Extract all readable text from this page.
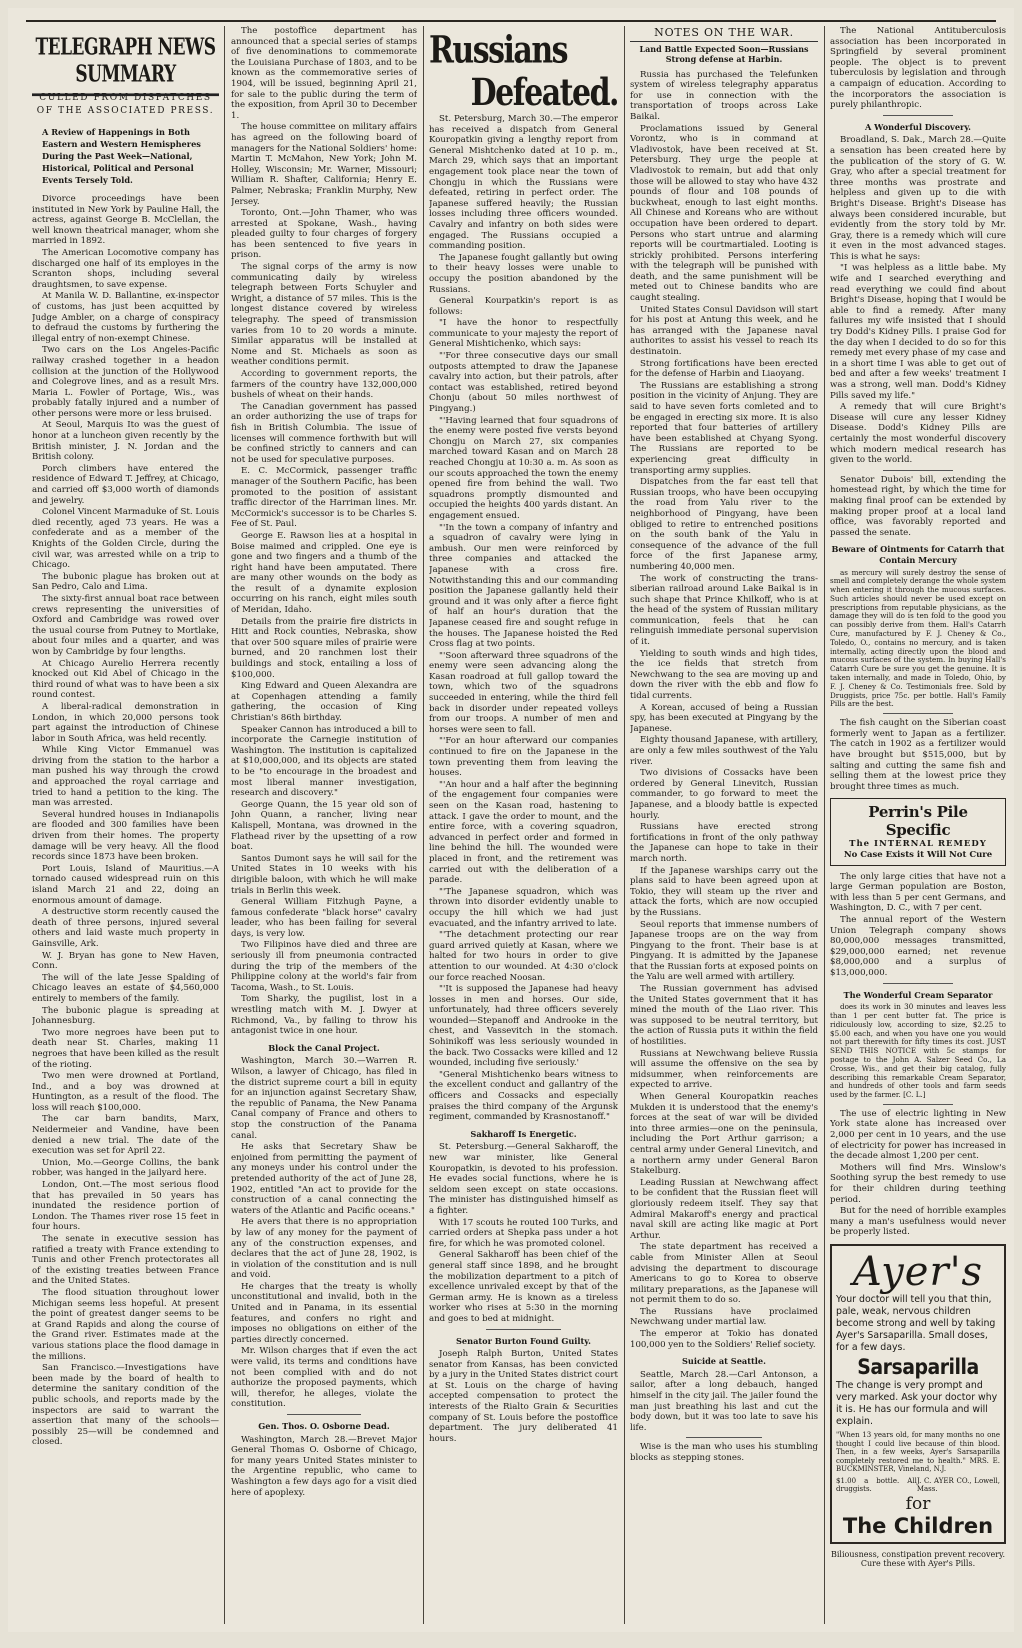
TELEGRAPH NEWS SUMMARY
CULLED FROM DISPATCHES OF THE ASSOCIATED PRESS.

A Review of Happenings in Both Eastern and Western Hemispheres During the Past Week—National, Historical, Political and Personal Events Tersely Told.

Divorce proceedings have been instituted in New York by Pauline Hall, the actress, against George B. McClellan, the well known theatrical manager, whom she married in 1892.

The American Locomotive company has discharged one half of its employes in the Scranton shops, including several draughtsmen, to save expense.

At Manila W. D. Ballantine, ex-inspector of customs, has just been acquitted by Judge Ambler, on a charge of conspiracy to defraud the customs by furthering the illegal entry of non-exempt Chinese.

Two cars on the Los Angeles-Pacific railway crashed together in a headon collision at the junction of the Hollywood and Colegrove lines, and as a result Mrs. Maria L. Fowler of Portage, Wis., was probably fatally injured and a number of other persons were more or less bruised.

At Seoul, Marquis Ito was the guest of honor at a luncheon given recently by the British minister, J. N. Jordan and the British colony.

Porch climbers have entered the residence of Edward T. Jeffrey, at Chicago, and carried off $3,000 worth of diamonds and jewelry.

Colonel Vincent Marmaduke of St. Louis died recently, aged 73 years. He was a confederate and as a member of the Knights of the Golden Circle, during the civil war, was arrested while on a trip to Chicago.

The bubonic plague has broken out at San Pedro, Calo and Lima.

The sixty-first annual boat race between crews representing the universities of Oxford and Cambridge was rowed over the usual course from Putney to Mortlake, about four miles and a quarter, and was won by Cambridge by four lengths.

At Chicago Aurelio Herrera recently knocked out Kid Abel of Chicago in the third round of what was to have been a six round contest.

A liberal-radical demonstration in London, in which 20,000 persons took part against the introduction of Chinese labor in South Africa, was held recently.

While King Victor Emmanuel was driving from the station to the harbor a man pushed his way through the crowd and approached the royal carriage and tried to hand a petition to the king. The man was arrested.

Several hundred houses in Indianapolis are flooded and 300 families have been driven from their homes. The property damage will be very heavy. All the flood records since 1873 have been broken.

Port Louis, Island of Mauritius.—A tornado caused widespread ruin on this island March 21 and 22, doing an enormous amount of damage.

A destructive storm recently caused the death of three persons, injured several others and laid waste much property in Gainsville, Ark.

W. J. Bryan has gone to New Haven, Conn.

The will of the late Jesse Spalding of Chicago leaves an estate of $4,560,000 entirely to members of the family.

The bubonic plague is spreading at Johannesburg.

Two more negroes have been put to death near St. Charles, making 11 negroes that have been killed as the result of the rioting.

Two men were drowned at Portland, Ind., and a boy was drowned at Huntington, as a result of the flood. The loss will reach $100,000.

The car barn bandits, Marx, Neidermeier and Vandine, have been denied a new trial. The date of the execution was set for April 22.

Union, Mo.—George Collins, the bank robber, was hanged in the jailyard here.

London, Ont.—The most serious flood that has prevailed in 50 years has inundated the residence portion of London. The Thames river rose 15 feet in four hours.

The senate in executive session has ratified a treaty with France extending to Tunis and other French protectorates all of the existing treaties between France and the United States.

The flood situation throughout lower Michigan seems less hopeful. At present the point of greatest danger seems to be at Grand Rapids and along the course of the Grand river. Estimates made at the various stations place the flood damage in the millions.

San Francisco.—Investigations have been made by the board of health to determine the sanitary condition of the public schools, and reports made by the inspectors are said to warrant the assertion that many of the schools—possibly 25—will be condemned and closed.

The postoffice department has announced that a special series of stamps of five denominations to commemorate the Louisiana Purchase of 1803, and to be known as the commemorative series of 1904, will be issued, beginning April 21, for sale to the public during the term of the exposition, from April 30 to December 1.

The house committee on military affairs has agreed on the following board of managers for the National Soldiers' home: Martin T. McMahon, New York; John M. Holley, Wisconsin; Mr. Warner, Missouri; William R. Shafter, California; Henry E. Palmer, Nebraska; Franklin Murphy, New Jersey.

Toronto, Ont.—John Thamer, who was arrested at Spokane, Wash., having pleaded guilty to four charges of forgery has been sentenced to five years in prison.

The signal corps of the army is now communicating daily by wireless telegraph between Forts Schuyler and Wright, a distance of 57 miles. This is the longest distance covered by wireless telegraphy. The speed of transmission varies from 10 to 20 words a minute. Similar apparatus will be installed at Nome and St. Michaels as soon as weather conditions permit.

According to government reports, the farmers of the country have 132,000,000 bushels of wheat on their hands.

The Canadian government has passed an order authorizing the use of traps for fish in British Columbia. The issue of licenses will commence forthwith but will be confined strictly to canners and can not be used for speculative purposes.

E. C. McCormick, passenger traffic manager of the Southern Pacific, has been promoted to the position of assistant traffic director of the Harriman lines. Mr. McCormick's successor is to be Charles S. Fee of St. Paul.

George E. Rawson lies at a hospital in Boise maimed and crippled. One eye is gone and two fingers and a thumb of the right hand have been amputated. There are many other wounds on the body as the result of a dynamite explosion occurring on his ranch, eight miles south of Meridan, Idaho.

Details from the prairie fire districts in Hitt and Rock counties, Nebraska, show that over 500 square miles of prairie were burned, and 20 ranchmen lost their buildings and stock, entailing a loss of $100,000.

King Edward and Queen Alexandra are at Copenhagen attending a family gathering, the occasion of King Christian's 86th birthday.

Speaker Cannon has introduced a bill to incorporate the Carnegie institution of Washington. The institution is capitalized at $10,000,000, and its objects are stated to be "to encourage in the broadest and most liberal manner investigation, research and discovery."

George Quann, the 15 year old son of John Quann, a rancher, living near Kalispell, Montana, was drowned in the Flathead river by the upsetting of a row boat.

Santos Dumont says he will sail for the United States in 10 weeks with his dirigible baloon, with which he will make trials in Berlin this week.

General William Fitzhugh Payne, a famous confederate "black horse" cavalry leader, who has been failing for several days, is very low.

Two Filipinos have died and three are seriously ill from pneumonia contracted during the trip of the members of the Philippine colony at the world's fair from Tacoma, Wash., to St. Louis.

Tom Sharky, the pugilist, lost in a wrestling match with M. J. Dwyer at Richmond, Va., by failing to throw his antagonist twice in one hour.

Block the Canal Project.

Washington, March 30.—Warren R. Wilson, a lawyer of Chicago, has filed in the district supreme court a bill in equity for an injunction against Secretary Shaw, the republic of Panama, the New Panama Canal company of France and others to stop the construction of the Panama canal.

He asks that Secretary Shaw be enjoined from permitting the payment of any moneys under his control under the pretended authority of the act of June 28, 1902, entitled "An act to provide for the construction of a canal connecting the waters of the Atlantic and Pacific oceans."

He avers that there is no appropriation by law of any money for the payment of any of the construction expenses, and declares that the act of June 28, 1902, is in violation of the constitution and is null and void.

He charges that the treaty is wholly unconstitutional and invalid, both in the United and in Panama, in its essential features, and confers no right and imposes no obligations on either of the parties directly concerned.

Mr. Wilson charges that if even the act were valid, its terms and conditions have not been complied with and do not authorize the proposed payments, which will, therefor, he alleges, violate the constitution.

Gen. Thos. O. Osborne Dead.

Washington, March 28.—Brevet Major General Thomas O. Osborne of Chicago, for many years United States minister to the Argentine republic, who came to Washington a few days ago for a visit died here of apoplexy.

Russians
Defeated.

St. Petersburg, March 30.—The emperor has received a dispatch from General Kouropatkin giving a lengthy report from General Mishtchenko dated at 10 p. m., March 29, which says that an important engagement took place near the town of Chongju in which the Russians were defeated, retiring in perfect order. The Japanese suffered heavily; the Russian losses including three officers wounded. Cavalry and infantry on both sides were engaged. The Russians occupied a commanding position.

The Japanese fought gallantly but owing to their heavy losses were unable to occupy the position abandoned by the Russians.

General Kourpatkin's report is as follows:

"I have the honor to respectfully communicate to your majesty the report of General Mishtichenko, which says:

"'For three consecutive days our small outposts attempted to draw the Japanese cavalry into action, but their patrols, after contact was established, retired beyond Chonju (about 50 miles northwest of Pingyang.)

"'Having learned that four squadrons of the enemy were posted five versts beyond Chongju on March 27, six companies marched toward Kasan and on March 28 reached Chongju at 10:30 a. m. As soon as our scouts approached the town the enemy opened fire from behind the wall. Two squadrons promptly dismounted and occupied the heights 400 yards distant. An engagement ensued.

"'In the town a company of infantry and a squadron of cavalry were lying in ambush. Our men were reinforced by three companies and attacked the Japanese with a cross fire. Notwithstanding this and our commanding position the Japanese gallantly held their ground and it was only after a fierce fight of half an hour's duration that the Japanese ceased fire and sought refuge in the houses. The Japanese hoisted the Red Cross flag at two points.

"'Soon afterward three squadrons of the enemy were seen advancing along the Kasan roadroad at full gallop toward the town, which two of the squadrons succeeded in entering, while the third fell back in disorder under repeated volleys from our troops. A number of men and horses were seen to fall.

"'For an hour afterward our companies continued to fire on the Japanese in the town preventing them from leaving the houses.

"'An hour and a half after the beginning of the engagement four companies were seen on the Kasan road, hastening to attack. I gave the order to mount, and the entire force, with a covering squadron, advanced in perfect order and formed in line behind the hill. The wounded were placed in front, and the retirement was carried out with the deliberation of a parade.

"'The Japanese squadron, which was thrown into disorder evidently unable to occupy the hill which we had just evacuated, and the infantry arrived to late.

"'The detachment protecting our rear guard arrived quietly at Kasan, where we halted for two hours in order to give attention to our wounded. At 4:30 o'clock our force reached Noosan.

"'It is supposed the Japanese had heavy losses in men and horses. Our side, unfortunately, had three officers severely wounded—Stepanoff and Androoke in the chest, and Vassevitch in the stomach. Sohinikoff was less seriously wounded in the back. Two Cossacks were killed and 12 wounded, including five seriously.'

"General Mishtichenko bears witness to the excellent conduct and gallantry of the officers and Cossacks and especially praises the third company of the Argunsk regiment, commanded by Krasnostanoff."

Sakharoff Is Energetic.

St. Petersburg.—General Sakharoff, the new war minister, like General Kouropatkin, is devoted to his profession. He evades social functions, where he is seldom seen except on state occasions. The minister has distinguished himself as a fighter.

With 17 scouts he routed 100 Turks, and carried orders at Shepka pass under a hot fire, for which he was promoted colonel.

General Sakharoff has been chief of the general staff since 1898, and he brought the mobilization department to a pitch of excellence unrivaled except by that of the German army. He is known as a tireless worker who rises at 5:30 in the morning and goes to bed at midnight.

Senator Burton Found Guilty.

Joseph Ralph Burton, United States senator from Kansas, has been convicted by a jury in the United States district court at St. Louis on the charge of having accepted compensation to protect the interests of the Rialto Grain & Securities company of St. Louis before the postoffice department. The jury deliberated 41 hours.

NOTES ON THE WAR.

Land Battle Expected Soon—Russians Strong defense at Harbin.

Russia has purchased the Telefunken system of wireless telegraphy apparatus for use in connection with the transportation of troops across Lake Baikal.

Proclamations issued by General Vorontz, who is in command at Vladivostok, have been received at St. Petersburg. They urge the people at Vladivostok to remain, but add that only those will be allowed to stay who have 432 pounds of flour and 108 pounds of buckwheat, enough to last eight months. All Chinese and Koreans who are without occupation have been ordered to depart. Persons who start untrue and alarming reports will be courtmartialed. Looting is strickly prohibited. Persons interfering with the telegraph will be punished with death, and the same punishment will be meted out to Chinese bandits who are caught stealing.

United States Consul Davidson will start for his post at Antung this week, and he has arranged with the Japanese naval authorites to assist his vessel to reach its destinatoin.

Strong fortifications have been erected for the defense of Harbin and Liaoyang.

The Russians are establishing a strong position in the vicinity of Anjung. They are said to have seven forts comleted and to be engaged in erecting six more. It is also reported that four batteries of artillery have been established at Chyang Syong. The Russians are reported to be experiencing great difficulty in transporting army supplies.

Dispatches from the far east tell that Russian troops, who have been occupying the road from Yalu river to the neighborhood of Pingyang, have been obliged to retire to entrenched positions on the south bank of the Yalu in consequence of the advance of the full force of the first Japanese army, numbering 40,000 men.

The work of constructing the trans-siberian railroad around Lake Baikal is in such shape that Prince Khilkoff, who is at the head of the system of Russian military communication, feels that he can relinguish immediate personal supervision of it.

Yielding to south winds and high tides, the ice fields that stretch from Newchwang to the sea are moving up and down the river with the ebb and flow fo tidal currents.

A Korean, accused of being a Russian spy, has been executed at Pingyang by the Japanese.

Eighty thousand Japanese, with artillery, are only a few miles southwest of the Yalu river.

Two divisions of Cossacks have been ordered by General Linevitch, Russian commander, to go forward to meet the Japanese, and a bloody battle is expected hourly.

Russians have erected strong fortifications in front of the only pathway the Japanese can hope to take in their march north.

If the Japanese warships carry out the plans said to have been agreed upon at Tokio, they will steam up the river and attack the forts, which are now occupied by the Russians.

Seoul reports that immense numbers of Japanese troops are on the way from Pingyang to the front. Their base is at Pingyang. It is admitted by the Japanese that the Russian forts at exposed points on the Yalu are well armed with artillery.

The Russian government has advised the United States government that it has mined the mouth of the Liao river. This was supposed to be neutral territory, but the action of Russia puts it within the field of hostilities.

Russians at Newchwang believe Russia will assume the offensive on the sea by midsummer, when reinforcements are expected to arrive.

When General Kouropatkin reaches Mukden it is understood that the enemy's forces at the seat of war will be divided into three armies—one on the peninsula, including the Port Arthur garrison; a central army under General Linevitch, and a northern army under General Baron Stakelburg.

Leading Russian at Newchwang affect to be confident that the Russian fleet will gloriously redeem itself. They say that Admiral Makaroff's energy and practical naval skill are acting like magic at Port Arthur.

The state department has received a cable from Minister Allen at Seoul advising the department to discourage Americans to go to Korea to observe military preparations, as the Japanese will not permit them to do so.

The Russians have proclaimed Newchwang under martial law.

The emperor at Tokio has donated 100,000 yen to the Soldiers' Relief society.

Suicide at Seattle.

Seattle, March 28.—Carl Antonson, a sailor, after a long debauch, hanged himself in the city jail. The jailer found the man just breathing his last and cut the body down, but it was too late to save his life.

Wise is the man who uses his stumbling blocks as stepping stones.

The National Antituberculosis association has been incorporated in Springfield by several prominent people. The object is to prevent tuberculosis by legislation and through a campaign of education. According to the incorporators the association is purely philanthropic.

A Wonderful Discovery.

Broadland, S. Dak., March 28.—Quite a sensation has been created here by the publication of the story of G. W. Gray, who after a special treatment for three months was prostrate and helpless and given up to die with Bright's Disease. Bright's Disease has always been considered incurable, but evidently from the story told by Mr. Gray, there is a remedy which will cure it even in the most advanced stages. This is what he says:

"I was helpless as a little babe. My wife and I searched everything and read everything we could find about Bright's Disease, hoping that I would be able to find a remedy. After many failures my wife insisted that I should try Dodd's Kidney Pills. I praise God for the day when I decided to do so for this remedy met every phase of my case and in a short time I was able to get out of bed and after a few weeks' treatment I was a strong, well man. Dodd's Kidney Pills saved my life."

A remedy that will cure Bright's Disease will cure any lesser Kidney Disease. Dodd's Kidney Pills are certainly the most wonderful discovery which modern medical research has given to the world.

Senator Dubois' bill, extending the homestead right, by which the time for making final proof can be extended by making proper proof at a local land office, was favorably reported and passed the senate.

Beware of Ointments for Catarrh that Contain Mercury

as mercury will surely destroy the sense of smell and completely derange the whole system when entering it through the mucous surfaces. Such articles should never be used except on prescriptions from reputable physicians, as the damage they will do is ten fold to the good you can possibly derive from them. Hall's Catarrh Cure, manufactured by F. J. Cheney & Co., Toledo, O., contains no mercury, and is taken internally, acting directly upon the blood and mucous surfaces of the system. In buying Hall's Catarrh Cure be sure you get the genuine. It is taken internally, and made in Toledo, Ohio, by F. J. Cheney & Co. Testimonials free. Sold by Druggists, price 75c. per bottle. Hall's Family Pills are the best.

The fish caught on the Siberian coast formerly went to Japan as a fertilizer. The catch in 1902 as a fertilizer would have brought but $515,000, but by salting and cutting the same fish and selling them at the lowest price they brought three times as much.

Perrin's Pile Specific
The INTERNAL REMEDY
No Case Exists it Will Not Cure

The only large cities that have not a large German population are Boston, with less than 5 per cent Germans, and Washington, D. C., with 7 per cent.

The annual report of the Western Union Telegraph company shows 80,000,000 messages transmitted, $29,000,000 earned; net revenue $8,000,000 and a surplus of $13,000,000.

The Wonderful Cream Separator

does its work in 30 minutes and leaves less than 1 per cent butter fat. The price is ridiculously low, according to size, $2.25 to $5.00 each, and when you have one you would not part therewith for fifty times its cost. JUST SEND THIS NOTICE with 5c stamps for postage to the John A. Salzer Seed Co., La Crosse, Wis., and get their big catalog, fully describing this remarkable Cream Separator, and hundreds of other tools and farm seeds used by the farmer. [C. L.]

The use of electric lighting in New York state alone has increased over 2,000 per cent in 10 years, and the use of electricity for power has increased in the decade almost 1,200 per cent.

Mothers will find Mrs. Winslow's Soothing syrup the best remedy to use for their children during teething period.

But for the need of horrible examples many a man's usefulness would never be properly listed.

Ayer's
Your doctor will tell you that thin, pale, weak, nervous children become strong and well by taking Ayer's Sarsaparilla. Small doses, for a few days.
Sarsaparilla
The change is very prompt and very marked. Ask your doctor why it is. He has our formula and will explain.
"When 13 years old, for many months no one thought I could live because of thin blood. Then, in a few weeks, Ayer's Sarsaparilla completely restored me to health." MRS. E. BUCKMINSTER, Vineland, N.J.
$1.00 a bottle. All druggists.
J. C. AYER CO., Lowell, Mass.
for
The Children
Biliousness, constipation prevent recovery. Cure these with Ayer's Pills.
